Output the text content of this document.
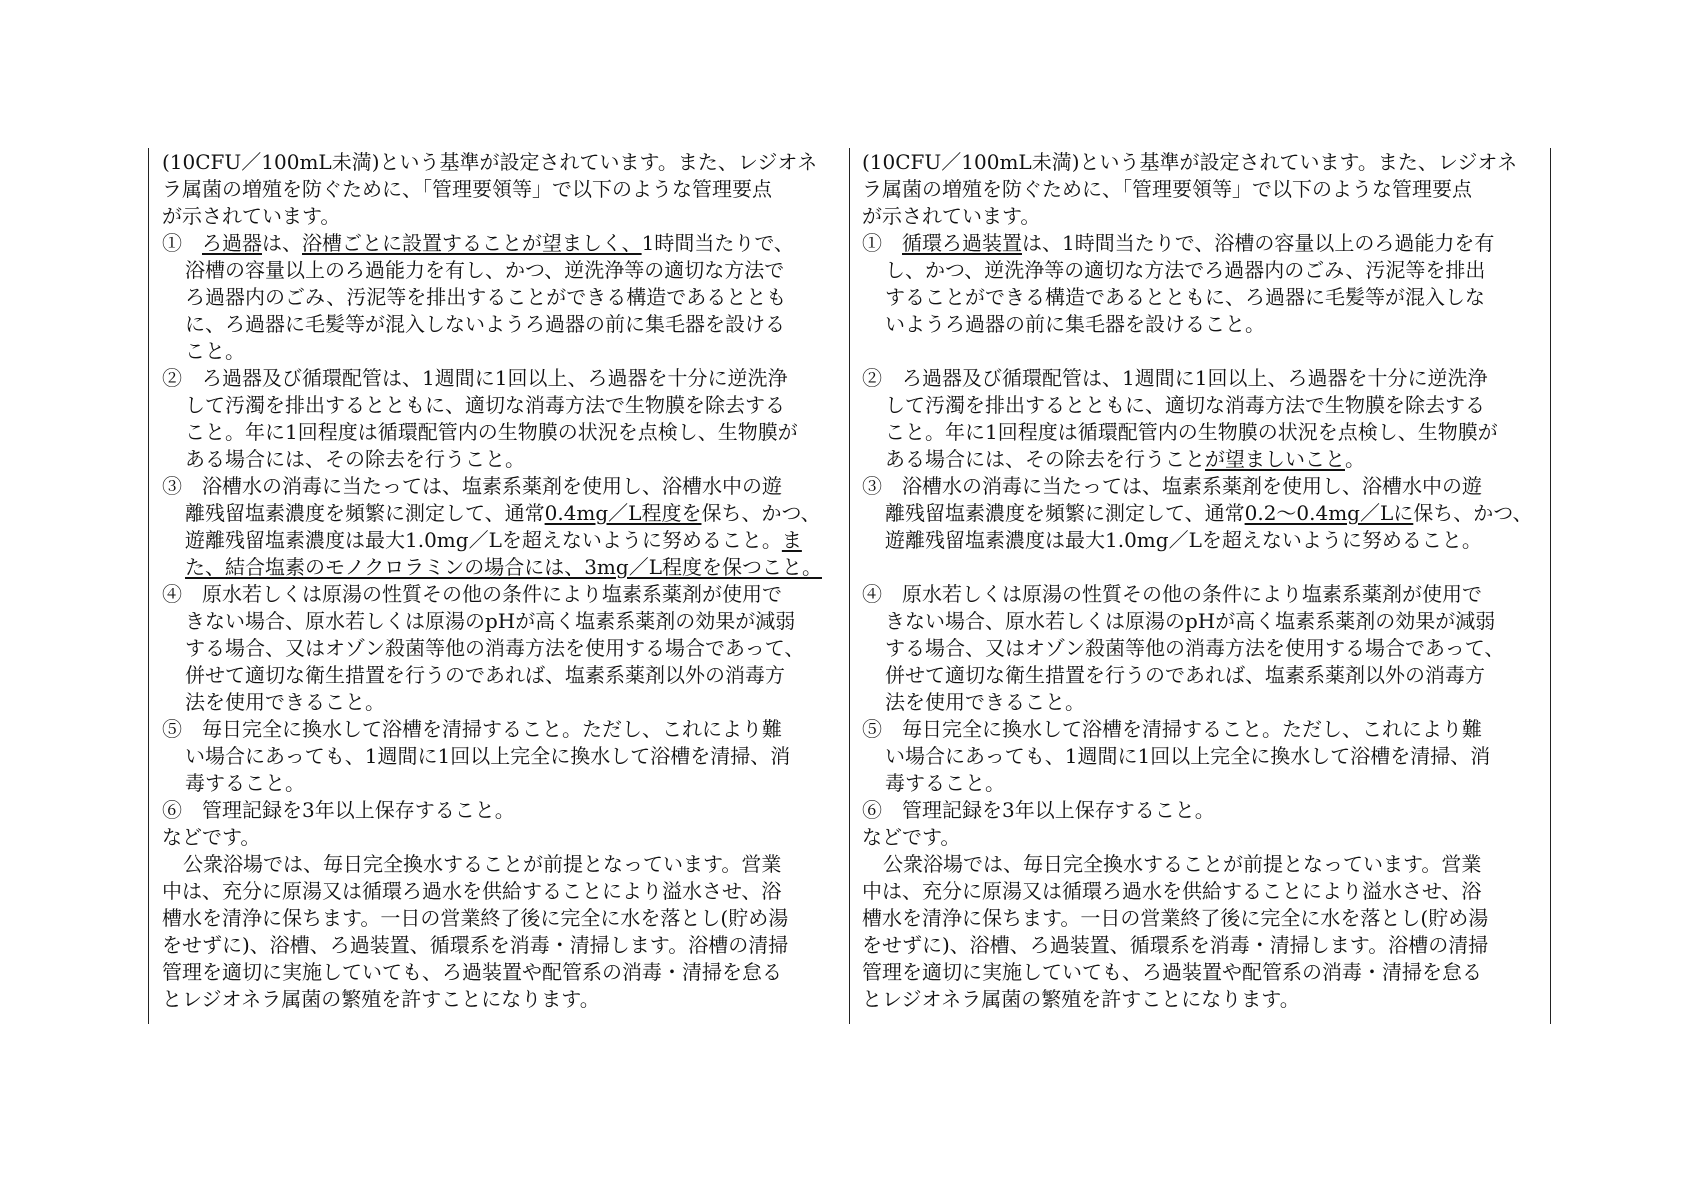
(10CFU／100mL未満)という基準が設定されています。また、レジオネ

ラ属菌の増殖を防ぐために、「管理要領等」で以下のような管理要点

が示されています。

①　 ろ過器は、浴槽ごとに設置することが望ましく、1時間当たりで、

浴槽の容量以上のろ過能力を有し、かつ、逆洗浄等の適切な方法で

ろ過器内のごみ、汚泥等を排出することができる構造であるととも

に、ろ過器に毛髪等が混入しないようろ過器の前に集毛器を設ける

こと。

②　ろ過器及び循環配管は、1週間に1回以上、ろ過器を十分に逆洗浄

して汚濁を排出するとともに、適切な消毒方法で生物膜を除去する

こと。年に1回程度は循環配管内の生物膜の状況を点検し、生物膜が

ある場合には、その除去を行うこと。

③　浴槽水の消毒に当たっては、塩素系薬剤を使用し、浴槽水中の遊

離残留塩素濃度を頻繁に測定して、通常0.4mg／L程度を保ち、かつ、

遊離残留塩素濃度は最大1.0mg／Lを超えないように努めること。ま

た、結合塩素のモノクロラミンの場合には、3mg／L程度を保つこと。

④　原水若しくは原湯の性質その他の条件により塩素系薬剤が使用で

きない場合、原水若しくは原湯のpHが高く塩素系薬剤の効果が減弱

する場合、又はオゾン殺菌等他の消毒方法を使用する場合であって、

併せて適切な衛生措置を行うのであれば、塩素系薬剤以外の消毒方

法を使用できること。

⑤　毎日完全に換水して浴槽を清掃すること。ただし、これにより難

い場合にあっても、1週間に1回以上完全に換水して浴槽を清掃、消

毒すること。

⑥　管理記録を3年以上保存すること。

などです。

公衆浴場では、毎日完全換水することが前提となっています。営業

中は、充分に原湯又は循環ろ過水を供給することにより溢水させ、浴

槽水を清浄に保ちます。一日の営業終了後に完全に水を落とし(貯め湯

をせずに)、浴槽、ろ過装置、循環系を消毒・清掃します。浴槽の清掃

管理を適切に実施していても、ろ過装置や配管系の消毒・清掃を怠る

とレジオネラ属菌の繁殖を許すことになります。

(10CFU／100mL未満)という基準が設定されています。また、レジオネ

ラ属菌の増殖を防ぐために、「管理要領等」で以下のような管理要点

が示されています。

①　 循環ろ過装置は、1時間当たりで、浴槽の容量以上のろ過能力を有

し、かつ、逆洗浄等の適切な方法でろ過器内のごみ、汚泥等を排出

することができる構造であるとともに、ろ過器に毛髪等が混入しな

いようろ過器の前に集毛器を設けること。

②　ろ過器及び循環配管は、1週間に1回以上、ろ過器を十分に逆洗浄

して汚濁を排出するとともに、適切な消毒方法で生物膜を除去する

こと。年に1回程度は循環配管内の生物膜の状況を点検し、生物膜が

ある場合には、その除去を行うことが望ましいこと。

③　浴槽水の消毒に当たっては、塩素系薬剤を使用し、浴槽水中の遊

離残留塩素濃度を頻繁に測定して、通常0.2～0.4mg／Lに保ち、かつ、

遊離残留塩素濃度は最大1.0mg／Lを超えないように努めること。

④　原水若しくは原湯の性質その他の条件により塩素系薬剤が使用で

きない場合、原水若しくは原湯のpHが高く塩素系薬剤の効果が減弱

する場合、又はオゾン殺菌等他の消毒方法を使用する場合であって、

併せて適切な衛生措置を行うのであれば、塩素系薬剤以外の消毒方

法を使用できること。

⑤　毎日完全に換水して浴槽を清掃すること。ただし、これにより難

い場合にあっても、1週間に1回以上完全に換水して浴槽を清掃、消

毒すること。

⑥　管理記録を3年以上保存すること。

などです。

公衆浴場では、毎日完全換水することが前提となっています。営業

中は、充分に原湯又は循環ろ過水を供給することにより溢水させ、浴

槽水を清浄に保ちます。一日の営業終了後に完全に水を落とし(貯め湯

をせずに)、浴槽、ろ過装置、循環系を消毒・清掃します。浴槽の清掃

管理を適切に実施していても、ろ過装置や配管系の消毒・清掃を怠る

とレジオネラ属菌の繁殖を許すことになります。
